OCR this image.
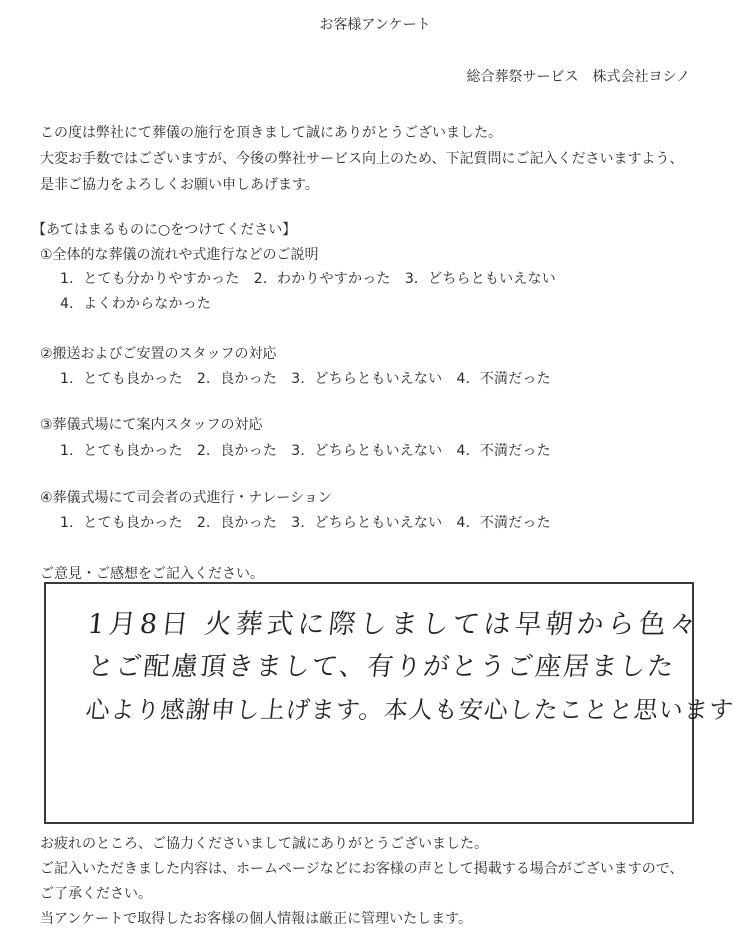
お客様アンケート
総合葬祭サービス　株式会社ヨシノ
この度は弊社にて葬儀の施行を頂きまして誠にありがとうございました。
大変お手数ではございますが、今後の弊社サービス向上のため、下記質問にご記入くださいますよう、
是非ご協力をよろしくお願い申しあげます。
【あてはまるものに○をつけてください】
①全体的な葬儀の流れや式進行などのご説明
1．とても分かりやすかった　2．わかりやすかった　3．どちらともいえない
4．よくわからなかった
②搬送およびご安置のスタッフの対応
1．とても良かった　2．良かった　3．どちらともいえない　4．不満だった
③葬儀式場にて案内スタッフの対応
1．とても良かった　2．良かった　3．どちらともいえない　4．不満だった
④葬儀式場にて司会者の式進行・ナレーション
1．とても良かった　2．良かった　3．どちらともいえない　4．不満だった
ご意見・ご感想をご記入ください。
1月8日 火葬式に際しましては早朝から色々
とご配慮頂きまして、有りがとうご座居ました
心より感謝申し上げます。本人も安心したことと思います
お疲れのところ、ご協力くださいまして誠にありがとうございました。
ご記入いただきました内容は、ホームページなどにお客様の声として掲載する場合がございますので、
ご了承ください。
当アンケートで取得したお客様の個人情報は厳正に管理いたします。
